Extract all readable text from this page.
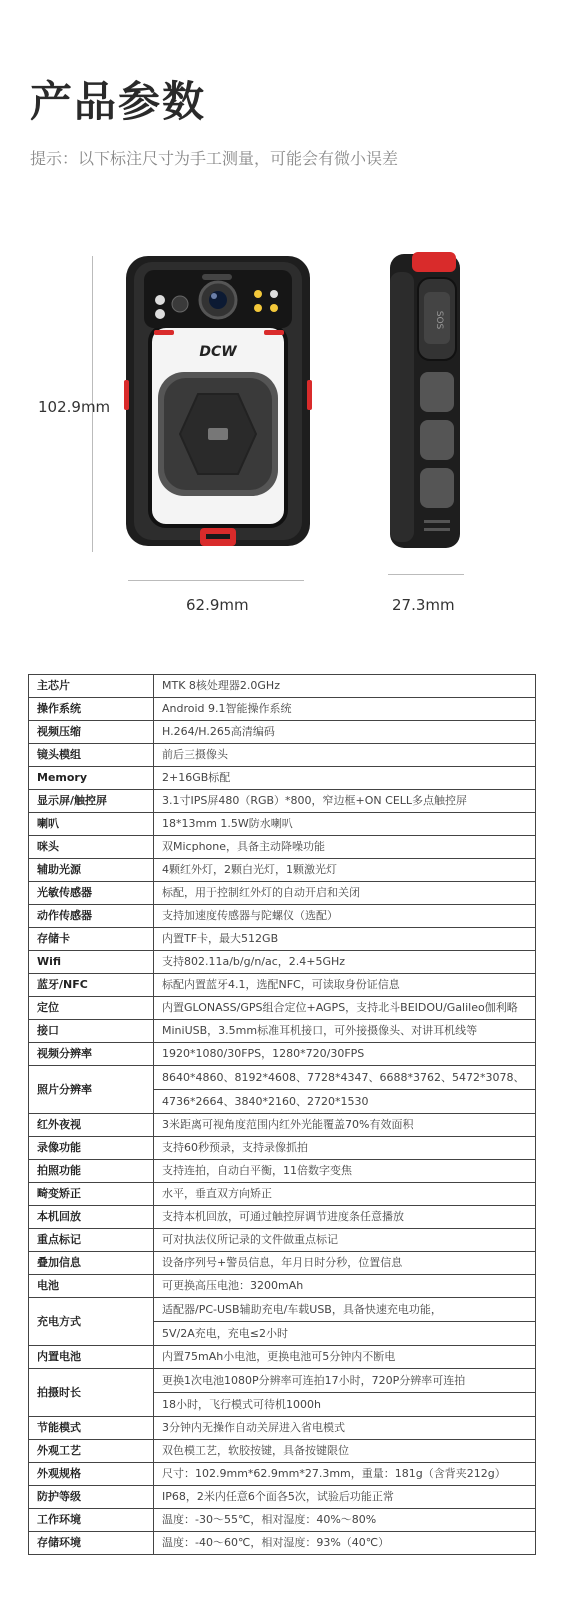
产品参数
提示：以下标注尺寸为手工测量，可能会有微小误差
102.9mm
DCW
SOS
62.9mm	27.3mm
主芯片	MTK 8核处理器2.0GHz
操作系统	Android 9.1智能操作系统
视频压缩	H.264/H.265高清编码
镜头模组	前后三摄像头
Memory	2+16GB标配
显示屏/触控屏	3.1寸IPS屏480（RGB）*800，窄边框+ON CELL多点触控屏
喇叭	18*13mm 1.5W防水喇叭
咪头	双Micphone，具备主动降噪功能
辅助光源	4颗红外灯，2颗白光灯，1颗激光灯
光敏传感器	标配，用于控制红外灯的自动开启和关闭
动作传感器	支持加速度传感器与陀螺仪（选配）
存储卡	内置TF卡，最大512GB
Wifi	支持802.11a/b/g/n/ac，2.4+5GHz
蓝牙/NFC	标配内置蓝牙4.1，选配NFC，可读取身份证信息
定位	内置GLONASS/GPS组合定位+AGPS，支持北斗BEIDOU/Galileo伽利略
接口	MiniUSB，3.5mm标准耳机接口，可外接摄像头、对讲耳机线等
视频分辨率	1920*1080/30FPS，1280*720/30FPS
照片分辨率	8640*4860、8192*4608、7728*4347、6688*3762、5472*3078、
4736*2664、3840*2160、2720*1530

红外夜视	3米距离可视角度范围内红外光能覆盖70%有效面积
录像功能	支持60秒预录，支持录像抓拍
拍照功能	支持连拍，自动白平衡，11倍数字变焦
畸变矫正	水平，垂直双方向矫正
本机回放	支持本机回放，可通过触控屏调节进度条任意播放
重点标记	可对执法仪所记录的文件做重点标记
叠加信息	设备序列号+警员信息，年月日时分秒，位置信息
电池	可更换高压电池：3200mAh
充电方式	适配器/PC-USB辅助充电/车载USB，具备快速充电功能，
5V/2A充电，充电≤2小时

内置电池	内置75mAh小电池，更换电池可5分钟内不断电
拍摄时长	更换1次电池1080P分辨率可连拍17小时，720P分辨率可连拍
18小时，飞行模式可待机1000h

节能模式	3分钟内无操作自动关屏进入省电模式
外观工艺	双色模工艺，软胶按键，具备按键限位
外观规格	尺寸：102.9mm*62.9mm*27.3mm，重量：181g（含背夹212g）
防护等级	IP68，2米内任意6个面各5次，试验后功能正常
工作环境	温度：-30～55℃，相对湿度：40%～80%
存储环境	温度：-40～60℃，相对湿度：93%（40℃）
